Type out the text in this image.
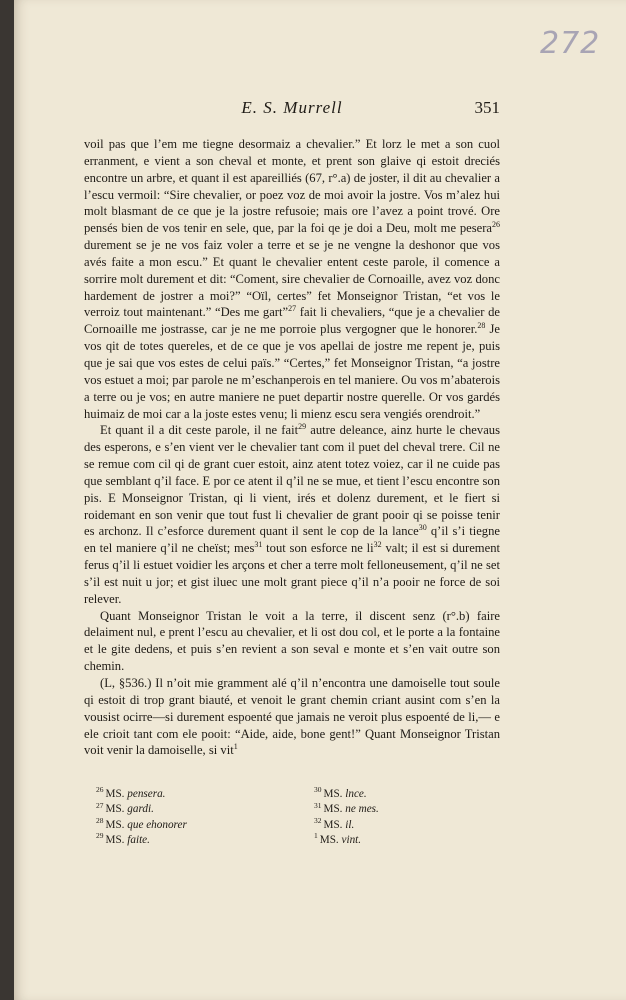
272
E. S. Murrell	351

voil pas que l’em me tiegne desormaiz a chevalier.” Et lorz le met a son cuol erranment, e vient a son cheval et monte, et prent son glaive qi estoit dreciés encontre un arbre, et quant il est apareilliés (67, r°.a) de joster, il dit au chevalier a l’escu vermoil: “Sire chevalier, or poez voz de moi avoir la jostre. Vos m’alez hui molt blasmant de ce que je la jostre refusoie; mais ore l’avez a point trové. Ore pensés bien de vos tenir en sele, que, par la foi qe je doi a Deu, molt me pesera$^{26}$ durement se je ne vos faiz voler a terre et se je ne vengne la deshonor que vos avés faite a mon escu.” Et quant le chevalier entent ceste parole, il comence a sorrire molt durement et dit: “Coment, sire chevalier de Cornoaille, avez voz donc hardement de jostrer a moi?” “Oïl, certes” fet Monseignor Tristan, “et vos le verroiz tout maintenant.” “Des me gart”$^{27}$ fait li chevaliers, “que je a chevalier de Cornoaille me jostrasse, car je ne me porroie plus vergogner que le honorer.$^{28}$ Je vos qit de totes quereles, et de ce que je vos apellai de jostre me repent je, puis que je sai que vos estes de celui païs.” “Certes,” fet Monseignor Tristan, “a jostre vos estuet a moi; par parole ne m’eschanperois en tel maniere. Ou vos m’abaterois a terre ou je vos; en autre maniere ne puet departir nostre querelle. Or vos gardés huimaiz de moi car a la joste estes venu; li mienz escu sera vengiés orendroit.”

Et quant il a dit ceste parole, il ne fait$^{29}$ autre deleance, ainz hurte le chevaus des esperons, e s’en vient ver le chevalier tant com il puet del cheval trere. Cil ne se remue com cil qi de grant cuer estoit, ainz atent totez voiez, car il ne cuide pas que semblant q’il face. E por ce atent il q’il ne se mue, et tient l’escu encontre son pis. E Monseignor Tristan, qi li vient, irés et dolenz durement, et le fiert si roidemant en son venir que tout fust li chevalier de grant pooir qi se poisse tenir es archonz. Il c’esforce durement quant il sent le cop de la lance$^{30}$ q’il s’i tiegne en tel maniere q’il ne cheïst; mes$^{31}$ tout son esforce ne li$^{32}$ valt; il est si durement ferus q’il li estuet voidier les arçons et cher a terre molt felloneusement, q’il ne set s’il est nuit u jor; et gist iluec une molt grant piece q’il n’a pooir ne force de soi relever.

Quant Monseignor Tristan le voit a la terre, il discent senz (r°.b) faire delaiment nul, e prent l’escu au chevalier, et li ost dou col, et le porte a la fontaine et le gite dedens, et puis s’en revient a son seval e monte et s’en vait outre son chemin.

(L, §536.) Il n’oit mie gramment alé q’il n’encontra une damoiselle tout soule qi estoit di trop grant biauté, et venoit le grant chemin criant ausint com s’en la vousist ocirre—si durement espoenté que jamais ne veroit plus espoenté de li,— e ele crioit tant com ele pooit: “Aide, aide, bone gent!” Quant Monseignor Tristan voit venir la damoiselle, si vit$^1$

$^{26}$ MS. pensera.
$^{27}$ MS. gardi.
$^{28}$ MS. que ehonorer
$^{29}$ MS. faite.
$^{30}$ MS. lnce.
$^{31}$ MS. ne mes.
$^{32}$ MS. il.
$^1$ MS. vint.
